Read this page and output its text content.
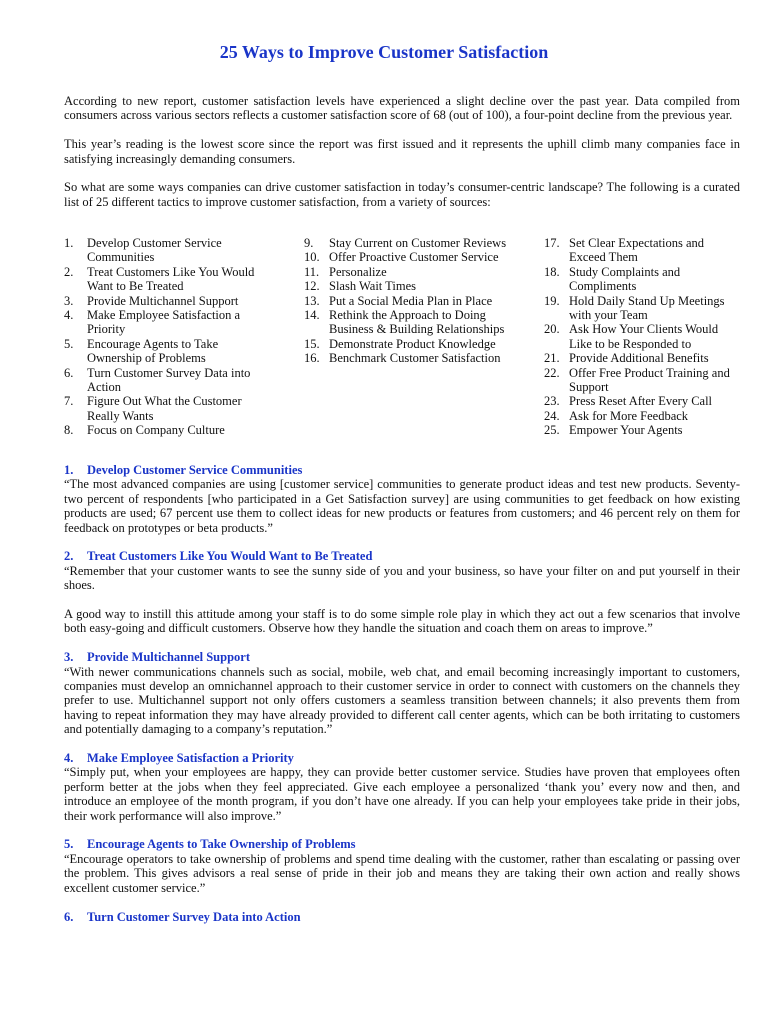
25 Ways to Improve Customer Satisfaction

According to new report, customer satisfaction levels have experienced a slight decline over the past year. Data compiled from consumers across various sectors reflects a customer satisfaction score of 68 (out of 100), a four-point decline from the previous year.

This year’s reading is the lowest score since the report was first issued and it represents the uphill climb many companies face in satisfying increasingly demanding consumers.

So what are some ways companies can drive customer satisfaction in today’s consumer-centric landscape? The following is a curated list of 25 different tactics to improve customer satisfaction, from a variety of sources:

1.	Develop Customer Service Communities
2.	Treat Customers Like You Would Want to Be Treated
3.	Provide Multichannel Support
4.	Make Employee Satisfaction a Priority
5.	Encourage Agents to Take Ownership of Problems
6.	Turn Customer Survey Data into Action
7.	Figure Out What the Customer Really Wants
8.	Focus on Company Culture
9.	Stay Current on Customer Reviews
10. Offer Proactive Customer Service
11. Personalize
12. Slash Wait Times
13. Put a Social Media Plan in Place
14. Rethink the Approach to Doing Business & Building Relationships
15. Demonstrate Product Knowledge
16. Benchmark Customer Satisfaction
17. Set Clear Expectations and Exceed Them
18. Study Complaints and Compliments
19. Hold Daily Stand Up Meetings with your Team
20. Ask How Your Clients Would Like to be Responded to
21. Provide Additional Benefits
22. Offer Free Product Training and Support
23. Press Reset After Every Call
24. Ask for More Feedback
25. Empower Your Agents
1.	Develop Customer Service Communities

“The most advanced companies are using [customer service] communities to generate product ideas and test new products. Seventy-two percent of respondents [who participated in a Get Satisfaction survey] are using communities to get feedback on how existing products are used; 67 percent use them to collect ideas for new products or features from customers; and 46 percent rely on them for feedback on prototypes or beta products.”

2.	Treat Customers Like You Would Want to Be Treated

“Remember that your customer wants to see the sunny side of you and your business, so have your filter on and put yourself in their shoes.

A good way to instill this attitude among your staff is to do some simple role play in which they act out a few scenarios that involve both easy-going and difficult customers. Observe how they handle the situation and coach them on areas to improve.”

3.	Provide Multichannel Support

“With newer communications channels such as social, mobile, web chat, and email becoming increasingly important to customers, companies must develop an omnichannel approach to their customer service in order to connect with customers on the channels they prefer to use. Multichannel support not only offers customers a seamless transition between channels; it also prevents them from having to repeat information they may have already provided to different call center agents, which can be both irritating to customers and potentially damaging to a company’s reputation.”

4.	Make Employee Satisfaction a Priority

“Simply put, when your employees are happy, they can provide better customer service. Studies have proven that employees often perform better at the jobs when they feel appreciated. Give each employee a personalized ‘thank you’ every now and then, and introduce an employee of the month program, if you don’t have one already. If you can help your employees take pride in their jobs, their work performance will also improve.”

5.	Encourage Agents to Take Ownership of Problems

“Encourage operators to take ownership of problems and spend time dealing with the customer, rather than escalating or passing over the problem. This gives advisors a real sense of pride in their job and means they are taking their own action and really shows excellent customer service.”

6.	Turn Customer Survey Data into Action
